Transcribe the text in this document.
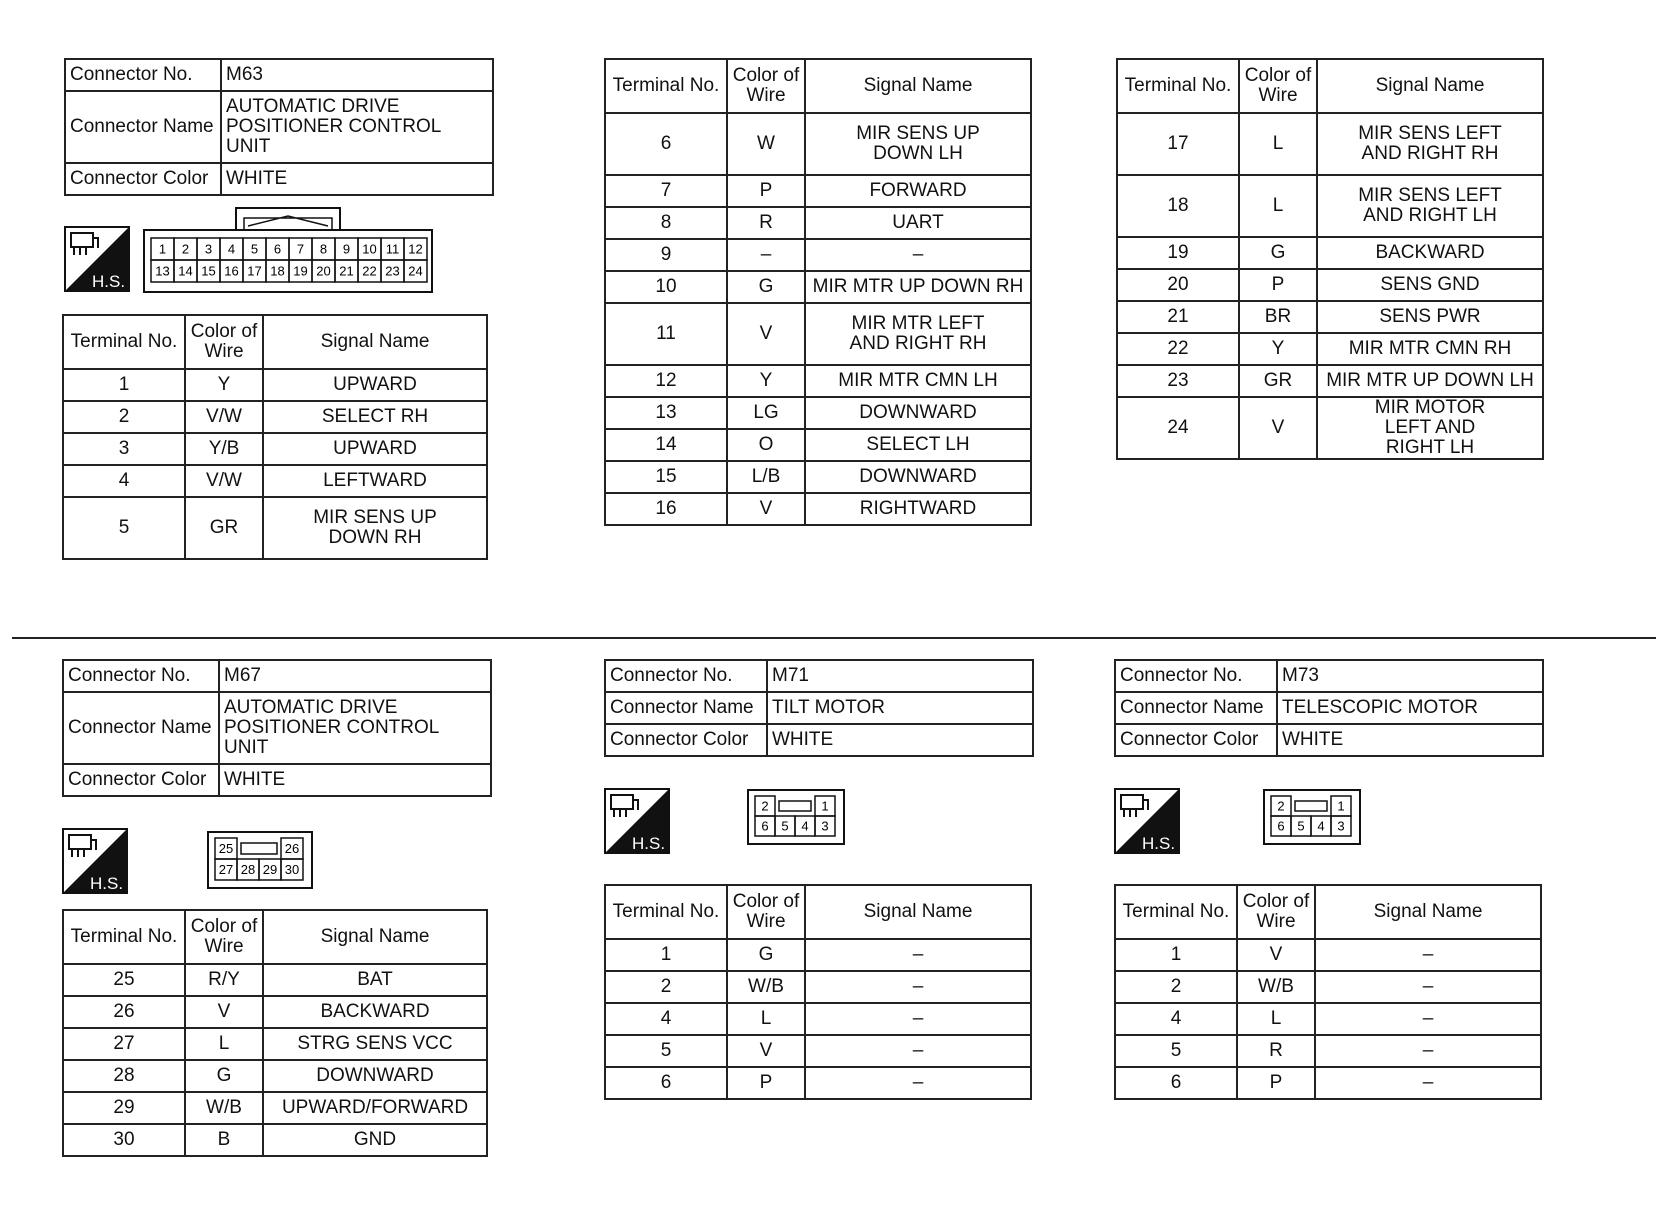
Connector No.	M63
Connector Name	AUTOMATIC DRIVE POSITIONER CONTROL UNIT
Connector Color	WHITE
H.S.
1
13
2
14
3
15
4
16
5
17
6
18
7
19
8
20
9
21
10
22
11
23
12
24
Terminal No.	Color of Wire	Signal Name
1	Y	UPWARD
2	V/W	SELECT RH
3	Y/B	UPWARD
4	V/W	LEFTWARD
5	GR	MIR SENS UP DOWN RH
Terminal No.	Color of Wire	Signal Name
6	W	MIR SENS UP DOWN LH
7	P	FORWARD
8	R	UART
9	–	–
10	G	MIR MTR UP DOWN RH
11	V	MIR MTR LEFT AND RIGHT RH
12	Y	MIR MTR CMN LH
13	LG	DOWNWARD
14	O	SELECT LH
15	L/B	DOWNWARD
16	V	RIGHTWARD
Terminal No.	Color of Wire	Signal Name
17	L	MIR SENS LEFT AND RIGHT RH
18	L	MIR SENS LEFT AND RIGHT LH
19	G	BACKWARD
20	P	SENS GND
21	BR	SENS PWR
22	Y	MIR MTR CMN RH
23	GR	MIR MTR UP DOWN LH
24	V	MIR MOTOR LEFT AND RIGHT LH
Connector No.	M67
Connector Name	AUTOMATIC DRIVE POSITIONER CONTROL UNIT
Connector Color	WHITE
H.S.
25	26
27 28 29 30
Terminal No.	Color of Wire	Signal Name
25	R/Y	BAT
26	V	BACKWARD
27	L	STRG SENS VCC
28	G	DOWNWARD
29	W/B	UPWARD/FORWARD
30	B	GND
Connector No.	M71
Connector Name	TILT MOTOR
Connector Color	WHITE
H.S.
2	1
6 5 4 3
Terminal No.	Color of Wire	Signal Name
1	G	–
2	W/B	–
4	L	–
5	V	–
6	P	–
Connector No.	M73
Connector Name	TELESCOPIC MOTOR
Connector Color	WHITE
H.S.
2	1
6 5 4 3
Terminal No.	Color of Wire	Signal Name
1	V	–
2	W/B	–
4	L	–
5	R	–
6	P	–
